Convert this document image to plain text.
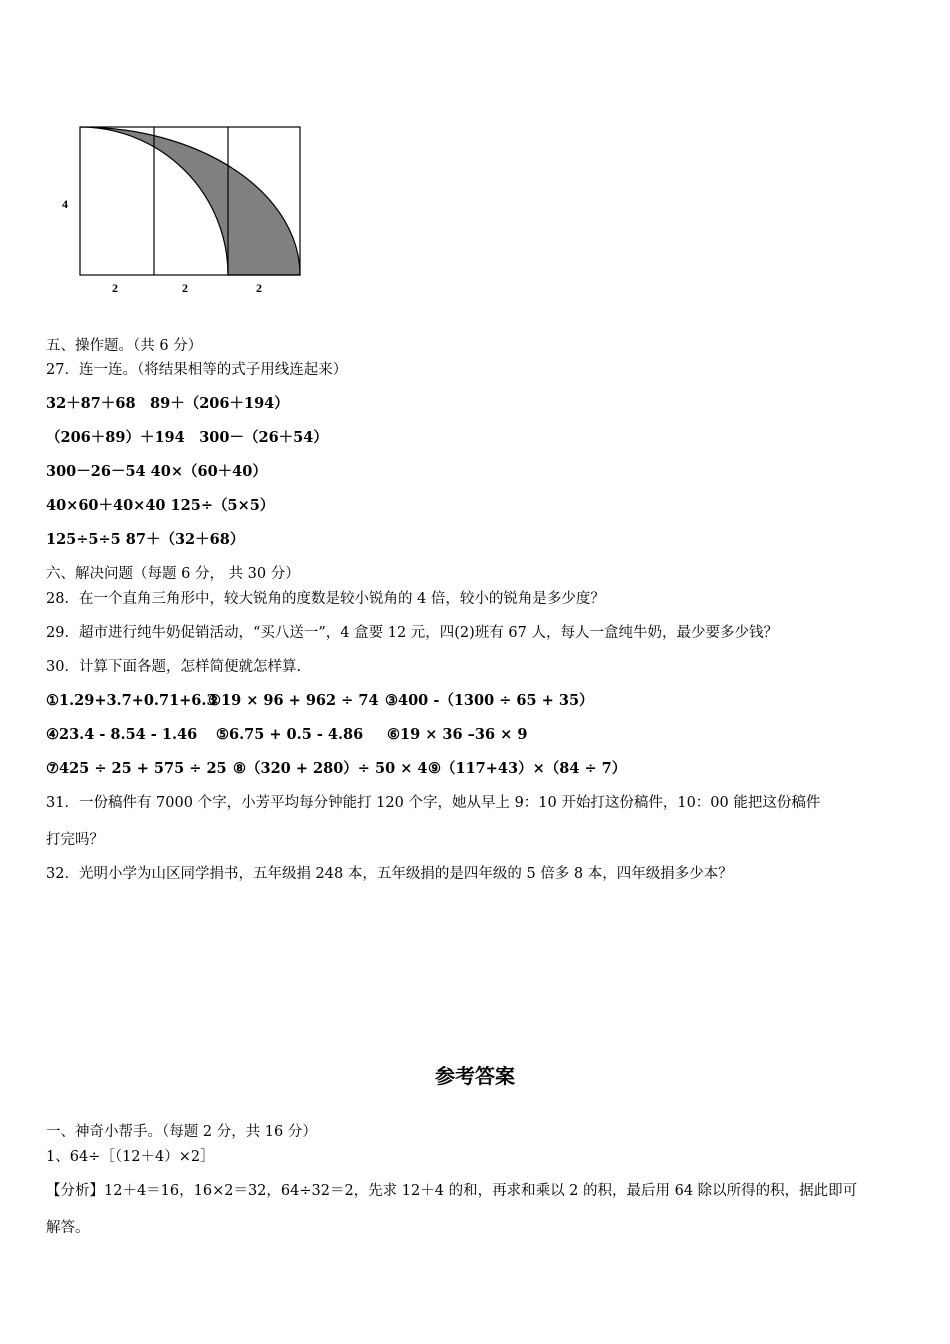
4
2	2	2
五、操作题。（共 6 分）
27．连一连。（将结果相等的式子用线连起来）
32＋87＋68　89＋（206＋194）
（206＋89）＋194　300－（26＋54）
300－26－54 40×（60＋40）
40×60＋40×40 125÷（5×5）
125÷5÷5 87＋（32＋68）
六、解决问题（每题 6 分， 共 30 分）
28．在一个直角三角形中，较大锐角的度数是较小锐角的 4 倍，较小的锐角是多少度？
29．超市进行纯牛奶促销活动，“买八送一”，4 盒要 12 元，四(2)班有 67 人，每人一盒纯牛奶，最少要多少钱？
30．计算下面各题，怎样简便就怎样算.
①1.29+3.7+0.71+6.3
②19 × 96 + 962 ÷ 74 ③400 -（1300 ÷ 65 + 35）
④23.4 - 8.54 - 1.46 ⑤6.75 + 0.5 - 4.86 ⑥19 × 36 –36 × 9
⑦425 ÷ 25 + 575 ÷ 25 ⑧（320 + 280）÷ 50 × 4 ⑨（117+43）×（84 ÷ 7）
31．一份稿件有 7000 个字，小芳平均每分钟能打 120 个字，她从早上 9：10 开始打这份稿件，10：00 能把这份稿件
打完吗？
32．光明小学为山区同学捐书，五年级捐 248 本，五年级捐的是四年级的 5 倍多 8 本，四年级捐多少本？
参考答案
一、神奇小帮手。（每题 2 分，共 16 分）
1、64÷［（12＋4）×2］
【分析】12＋4＝16，16×2＝32，64÷32＝2，先求 12＋4 的和，再求和乘以 2 的积，最后用 64 除以所得的积，据此即可
解答。
